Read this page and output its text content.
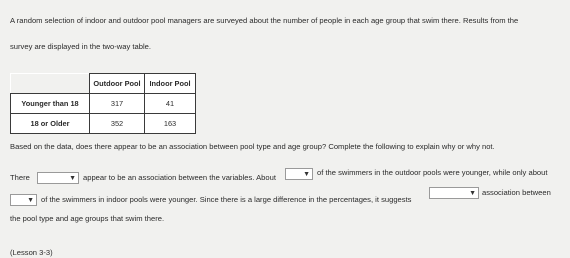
A random selection of indoor and outdoor pool managers are surveyed about the number of people in each age group that swim there. Results from the
survey are displayed in the two-way table.
	Outdoor Pool	Indoor Pool
Younger than 18	317	41
18 or Older	352	163
Based on the data, does there appear to be an association between pool type and age group? Complete the following to explain why or why not.
There	▼ appear to be an association between the variables. About	▼ of the swimmers in the outdoor pools were younger, while only about
▼ of the swimmers in indoor pools were younger. Since there is a large difference in the percentages, it suggests
▼ association between
the pool type and age groups that swim there.
(Lesson 3-3)
